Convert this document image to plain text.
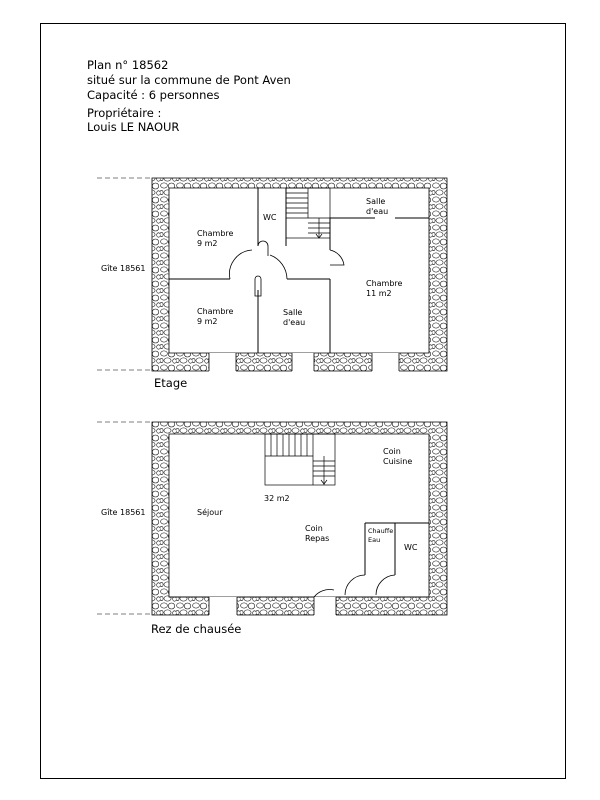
Plan n° 18562
situé sur la commune de Pont Aven
Capacité : 6 personnes
Propriétaire :
Louis LE NAOUR
Chambre
9 m2
WC
Salle
d'eau
Chambre
9 m2
Salle
d'eau
Chambre
11 m2
Gîte 18561
Etage
Coin
Cuisine
32 m2
Séjour
Coin
Repas
Chauffe
Eau
WC
Gîte 18561
Rez de chausée
